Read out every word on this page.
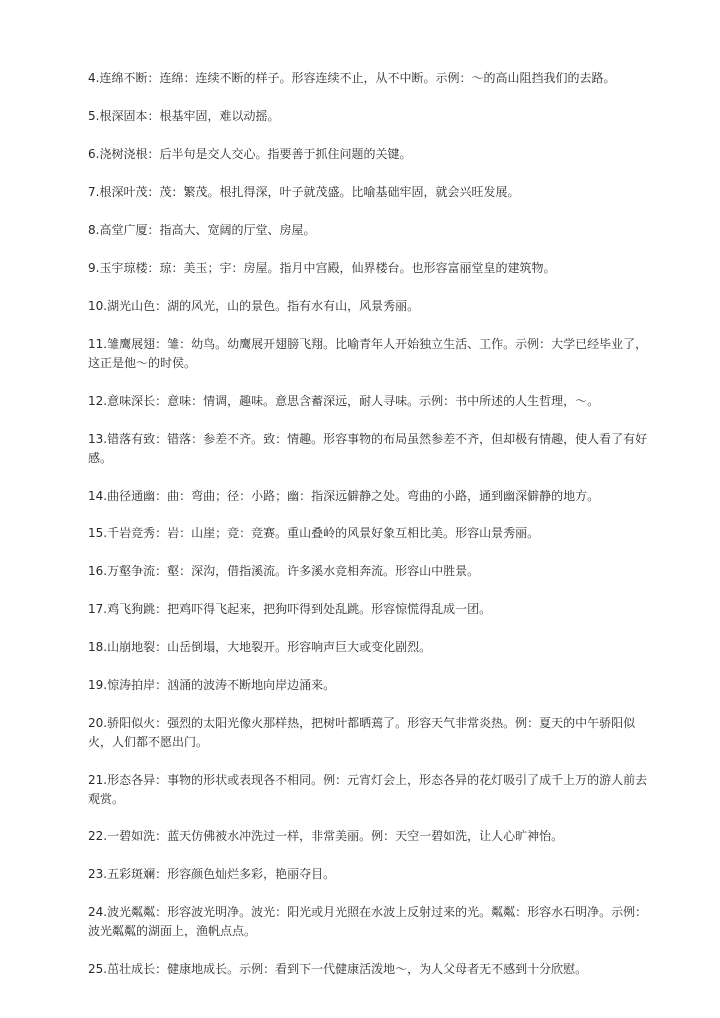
4.连绵不断：连绵：连续不断的样子。形容连续不止，从不中断。示例：～的高山阻挡我们的去路。

5.根深固本：根基牢固，难以动摇。

6.浇树浇根：后半句是交人交心。指要善于抓住问题的关键。

7.根深叶茂：茂：繁茂。根扎得深，叶子就茂盛。比喻基础牢固，就会兴旺发展。

8.高堂广厦：指高大、宽阔的厅堂、房屋。

9.玉宇琼楼：琼：美玉；宇：房屋。指月中宫殿，仙界楼台。也形容富丽堂皇的建筑物。

10.湖光山色：湖的风光，山的景色。指有水有山，风景秀丽。

11.雏鹰展翅：雏：幼鸟。幼鹰展开翅膀飞翔。比喻青年人开始独立生活、工作。示例：大学已经毕业了，这正是他～的时侯。

12.意味深长：意味：情调，趣味。意思含蓄深远，耐人寻味。示例：书中所述的人生哲理，～。

13.错落有致：错落：参差不齐。致：情趣。形容事物的布局虽然参差不齐，但却极有情趣，使人看了有好感。

14.曲径通幽：曲：弯曲；径：小路；幽：指深远僻静之处。弯曲的小路，通到幽深僻静的地方。

15.千岩竞秀：岩：山崖；竞：竞赛。重山叠岭的风景好象互相比美。形容山景秀丽。

16.万壑争流：壑：深沟，借指溪流。许多溪水竞相奔流。形容山中胜景。

17.鸡飞狗跳：把鸡吓得飞起来，把狗吓得到处乱跳。形容惊慌得乱成一团。

18.山崩地裂：山岳倒塌，大地裂开。形容响声巨大或变化剧烈。

19.惊涛拍岸：汹涌的波涛不断地向岸边涌来。

20.骄阳似火：强烈的太阳光像火那样热，把树叶都晒蔫了。形容天气非常炎热。例：夏天的中午骄阳似火，人们都不愿出门。

21.形态各异：事物的形状或表现各不相同。例：元宵灯会上，形态各异的花灯吸引了成千上万的游人前去观赏。

22.一碧如洗：蓝天仿佛被水冲洗过一样，非常美丽。例：天空一碧如洗，让人心旷神怡。

23.五彩斑斓：形容颜色灿烂多彩，艳丽夺目。

24.波光粼粼：形容波光明净。波光：阳光或月光照在水波上反射过来的光。粼粼：形容水石明净。示例：波光粼粼的湖面上，渔帆点点。

25.茁壮成长：健康地成长。示例：看到下一代健康活泼地～，为人父母者无不感到十分欣慰。
